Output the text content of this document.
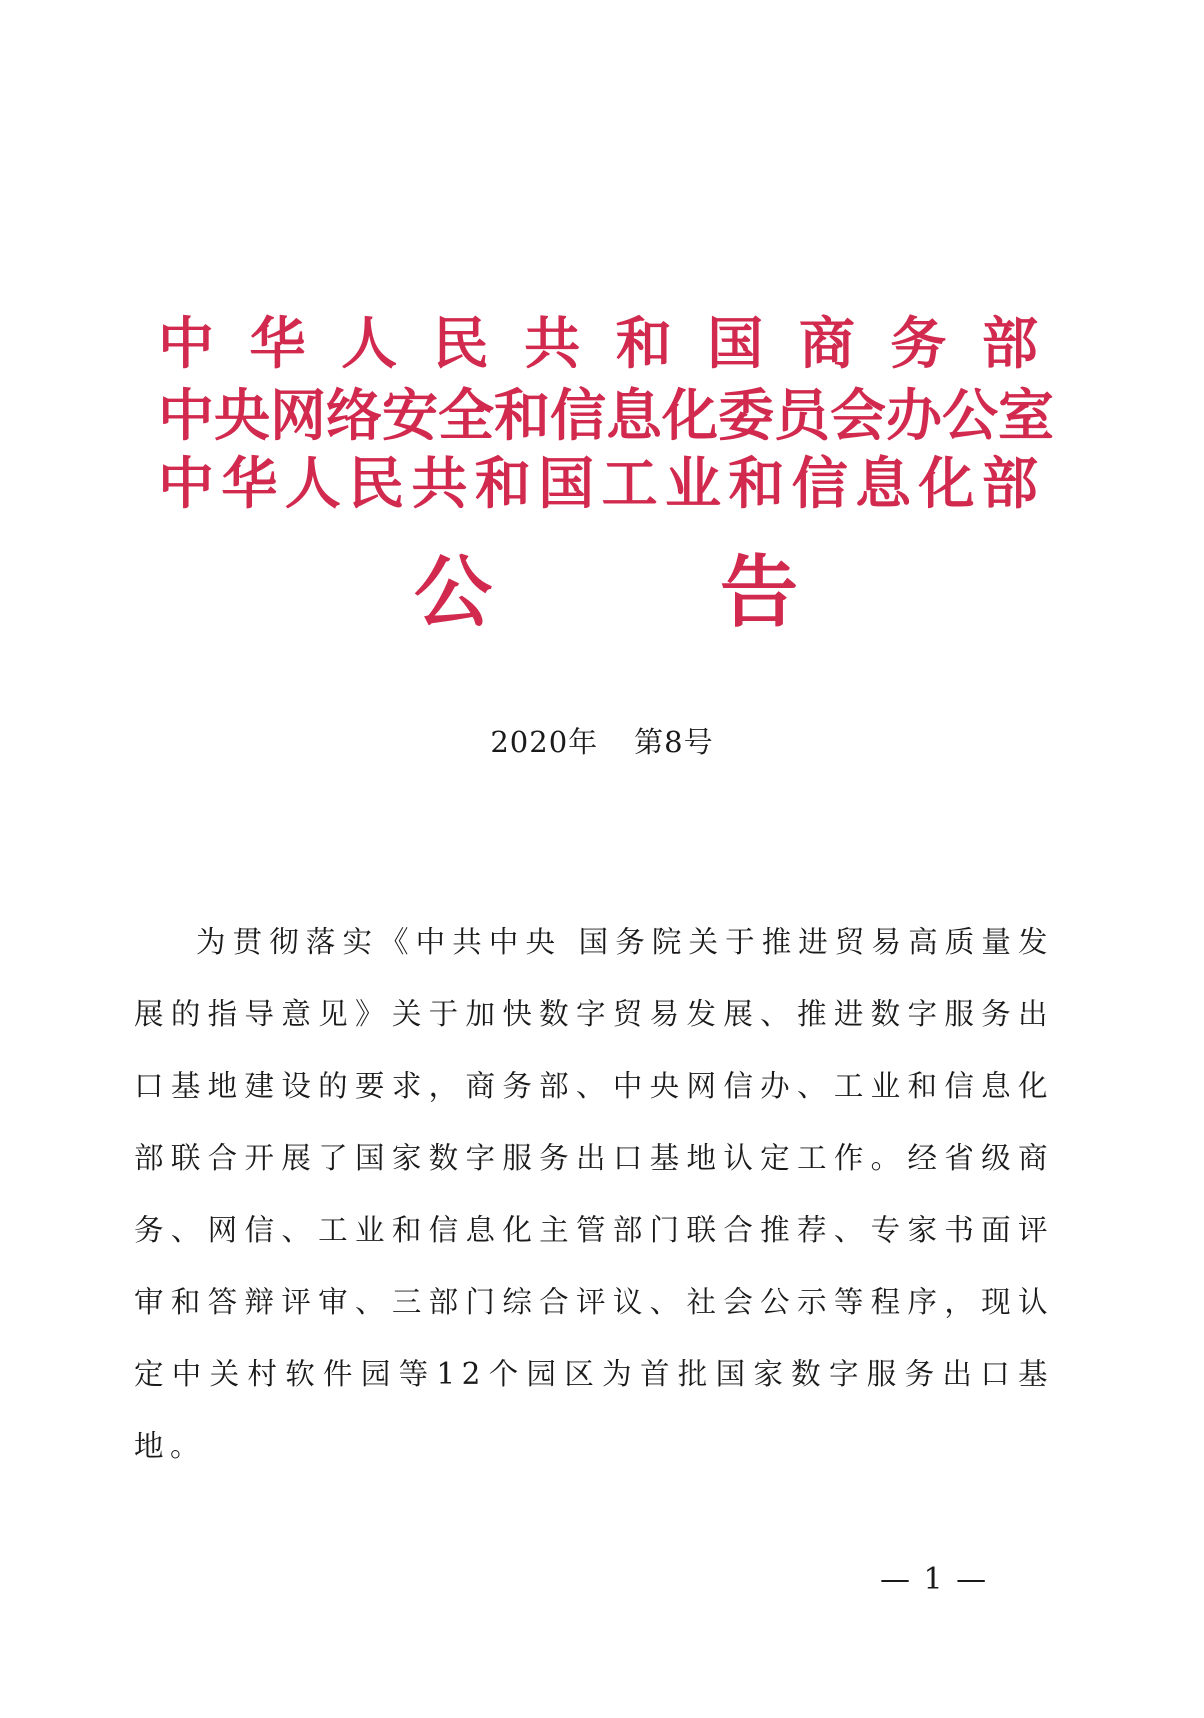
中 华 人 民 共 和 国 商 务 部
中 央 网 络 安 全 和 信 息 化 委 员 会 办 公 室
中 华 人 民 共 和 国 工 业 和 信 息 化 部
公	告
2020年 第8号

为贯彻落实《中共中央 国务院关于推进贸易高质量发展的指导意见》关于加快数字贸易发展、推进数字服务出口基地建设的要求，商务部、中央网信办、工业和信息化部联合开展了国家数字服务出口基地认定工作。经省级商务、网信、工业和信息化主管部门联合推荐、专家书面评审和答辩评审、三部门综合评议、社会公示等程序，现认定中关村软件园等12个园区为首批国家数字服务出口基地。

— 1 —
